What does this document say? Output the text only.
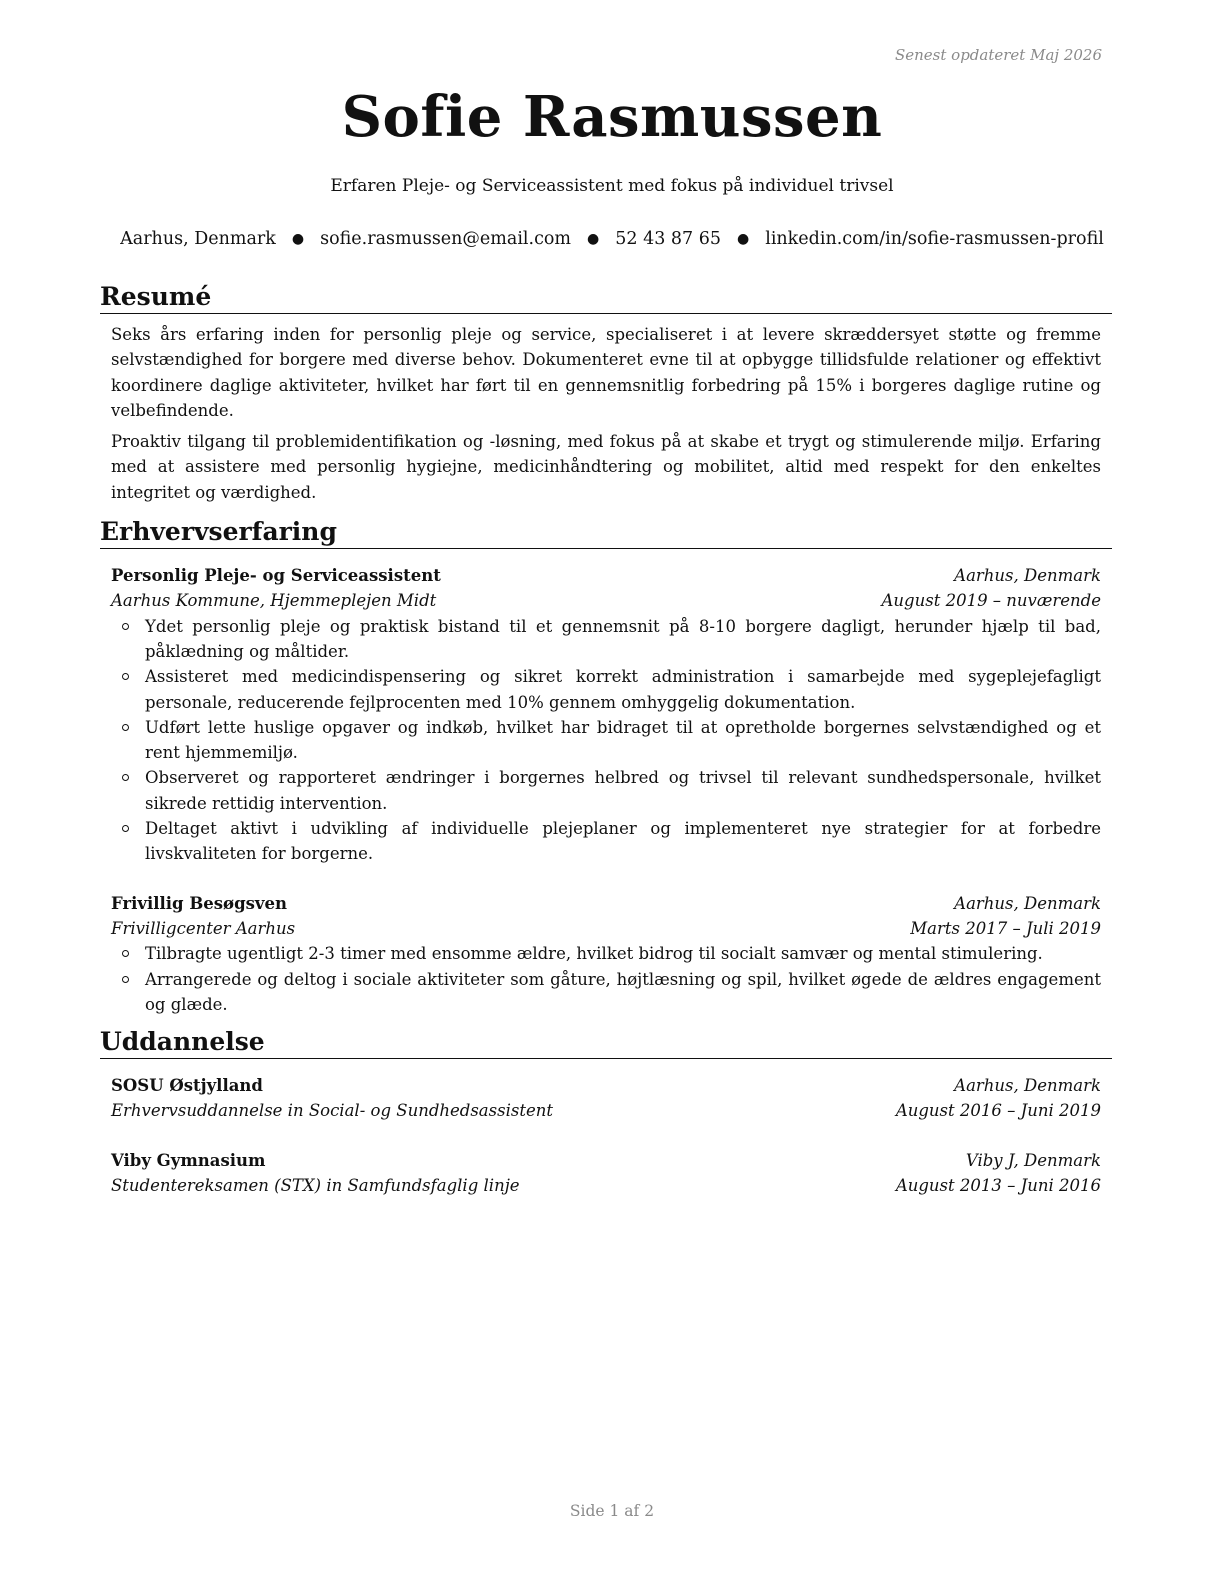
Senest opdateret Maj 2026
Sofie Rasmussen
Erfaren Pleje- og Serviceassistent med fokus på individuel trivsel
Aarhus, Denmark ● sofie.rasmussen@email.com ● 52 43 87 65 ● linkedin.com/in/sofie-rasmussen-profil
Resumé

Seks års erfaring inden for personlig pleje og service, specialiseret i at levere skræddersyet støtte og fremme selvstændighed for borgere med diverse behov. Dokumenteret evne til at opbygge tillidsfulde relationer og effektivt koordinere daglige aktiviteter, hvilket har ført til en gennemsnitlig forbedring på 15% i borgeres daglige rutine og velbefindende.

Proaktiv tilgang til problemidentifikation og -løsning, med fokus på at skabe et trygt og stimulerende miljø. Erfaring med at assistere med personlig hygiejne, medicinhåndtering og mobilitet, altid med respekt for den enkeltes integritet og værdighed.

Erhvervserfaring
Personlig Pleje- og Serviceassistent	Aarhus, Denmark
Aarhus Kommune, Hjemmeplejen Midt	August 2019 – nuværende
Ydet personlig pleje og praktisk bistand til et gennemsnit på 8-10 borgere dagligt, herunder hjælp til bad, påklædning og måltider.
Assisteret med medicindispensering og sikret korrekt administration i samarbejde med sygeplejefagligt personale, reducerende fejlprocenten med 10% gennem omhyggelig dokumentation.
Udført lette huslige opgaver og indkøb, hvilket har bidraget til at opretholde borgernes selvstændighed og et rent hjemmemiljø.
Observeret og rapporteret ændringer i borgernes helbred og trivsel til relevant sundhedspersonale, hvilket sikrede rettidig intervention.
Deltaget aktivt i udvikling af individuelle plejeplaner og implementeret nye strategier for at forbedre livskvaliteten for borgerne.
Frivillig Besøgsven	Aarhus, Denmark
Frivilligcenter Aarhus	Marts 2017 – Juli 2019
Tilbragte ugentligt 2-3 timer med ensomme ældre, hvilket bidrog til socialt samvær og mental stimulering.
Arrangerede og deltog i sociale aktiviteter som gåture, højtlæsning og spil, hvilket øgede de ældres engagement og glæde.
Uddannelse
SOSU Østjylland	Aarhus, Denmark
Erhvervsuddannelse in Social- og Sundhedsassistent	August 2016 – Juni 2019
Viby Gymnasium	Viby J, Denmark
Studentereksamen (STX) in Samfundsfaglig linje	August 2013 – Juni 2016
Side 1 af 2
